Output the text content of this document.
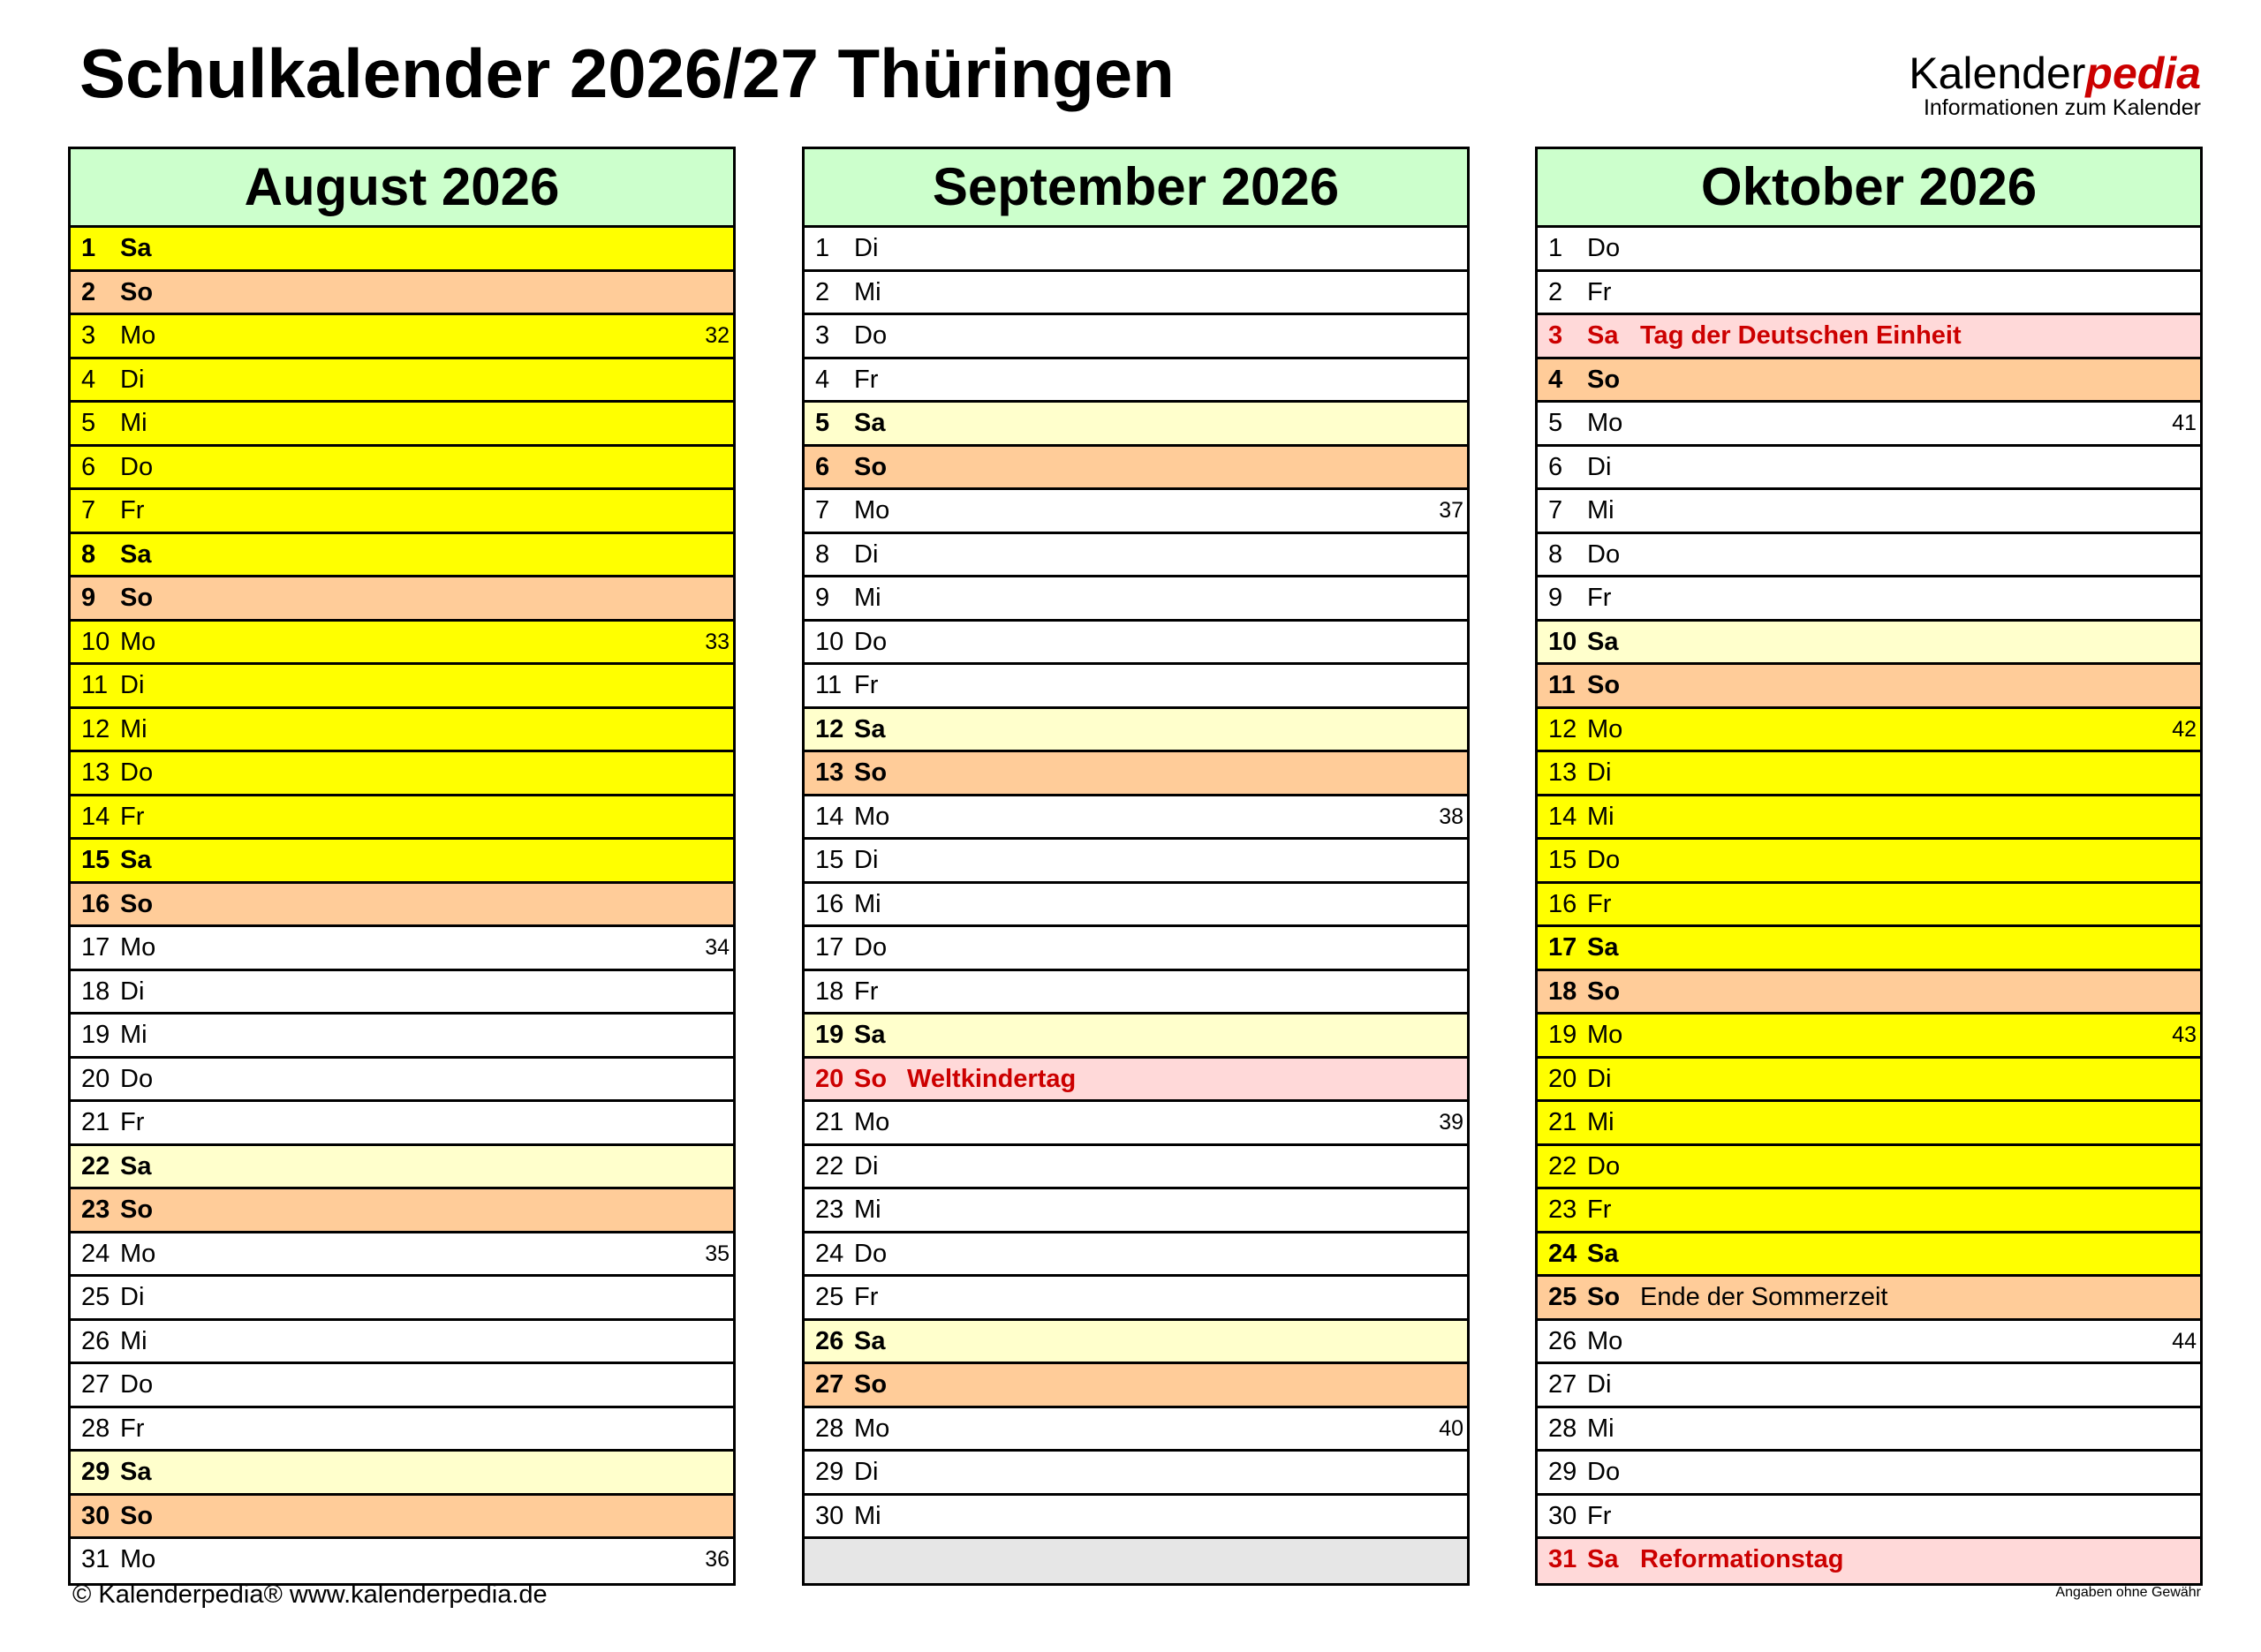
Schulkalender 2026/27 Thüringen	Kalenderpedia
Informationen zum Kalender
August 2026
1 Sa
2 So
3 Mo	32
4 Di
5 Mi
6 Do
7 Fr
8 Sa
9 So
10 Mo	33
11 Di
12 Mi
13 Do
14 Fr
15 Sa
16 So
17 Mo	34
18 Di
19 Mi
20 Do
21 Fr
22 Sa
23 So
24 Mo	35
25 Di
26 Mi
27 Do
28 Fr
29 Sa
30 So
31 Mo	36
September 2026
1 Di
2 Mi
3 Do
4 Fr
5 Sa
6 So
7 Mo	37
8 Di
9 Mi
10 Do
11 Fr
12 Sa
13 So
14 Mo	38
15 Di
16 Mi
17 Do
18 Fr
19 Sa
20 So Weltkindertag
21 Mo	39
22 Di
23 Mi
24 Do
25 Fr
26 Sa
27 So
28 Mo	40
29 Di
30 Mi
Oktober 2026
1 Do
2 Fr
3 Sa Tag der Deutschen Einheit
4 So
5 Mo	41
6 Di
7 Mi
8 Do
9 Fr
10 Sa
11 So
12 Mo	42
13 Di
14 Mi
15 Do
16 Fr
17 Sa
18 So
19 Mo	43
20 Di
21 Mi
22 Do
23 Fr
24 Sa
25 So Ende der Sommerzeit
26 Mo	44
27 Di
28 Mi
29 Do
30 Fr
31 Sa Reformationstag
© Kalenderpedia® www.kalenderpedia.de	Angaben ohne Gewähr
